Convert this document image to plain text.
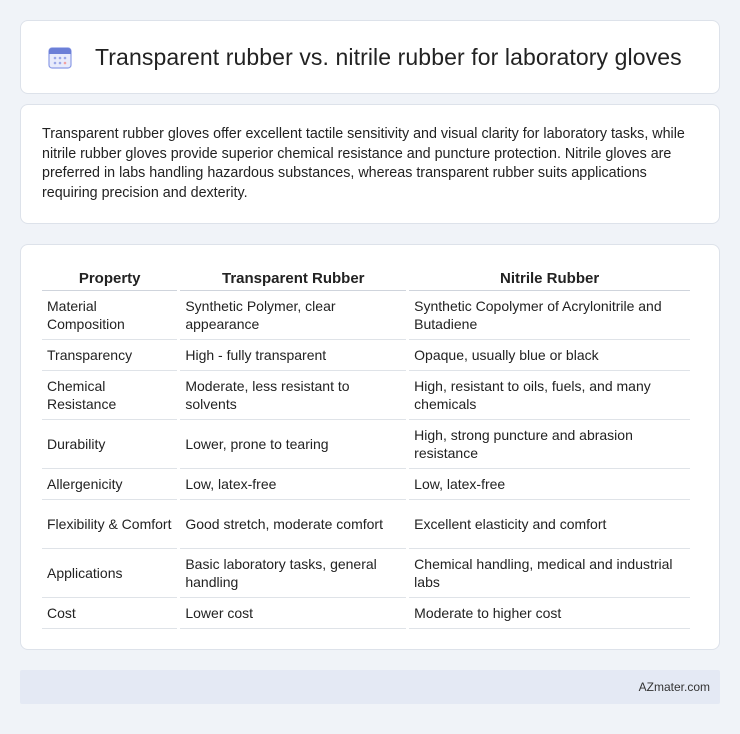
Transparent rubber vs. nitrile rubber for laboratory gloves

Transparent rubber gloves offer excellent tactile sensitivity and visual clarity for laboratory tasks, while nitrile rubber gloves provide superior chemical resistance and puncture protection. Nitrile gloves are preferred in labs handling hazardous substances, whereas transparent rubber suits applications requiring precision and dexterity.

Property	Transparent Rubber	Nitrile Rubber
Material Composition	Synthetic Polymer, clear appearance	Synthetic Copolymer of Acrylonitrile and Butadiene
Transparency	High - fully transparent	Opaque, usually blue or black
Chemical Resistance	Moderate, less resistant to solvents	High, resistant to oils, fuels, and many chemicals
Durability	Lower, prone to tearing	High, strong puncture and abrasion resistance
Allergenicity	Low, latex-free	Low, latex-free
Flexibility & Comfort	Good stretch, moderate comfort	Excellent elasticity and comfort
Applications	Basic laboratory tasks, general handling	Chemical handling, medical and industrial labs
Cost	Lower cost	Moderate to higher cost
AZmater.com
